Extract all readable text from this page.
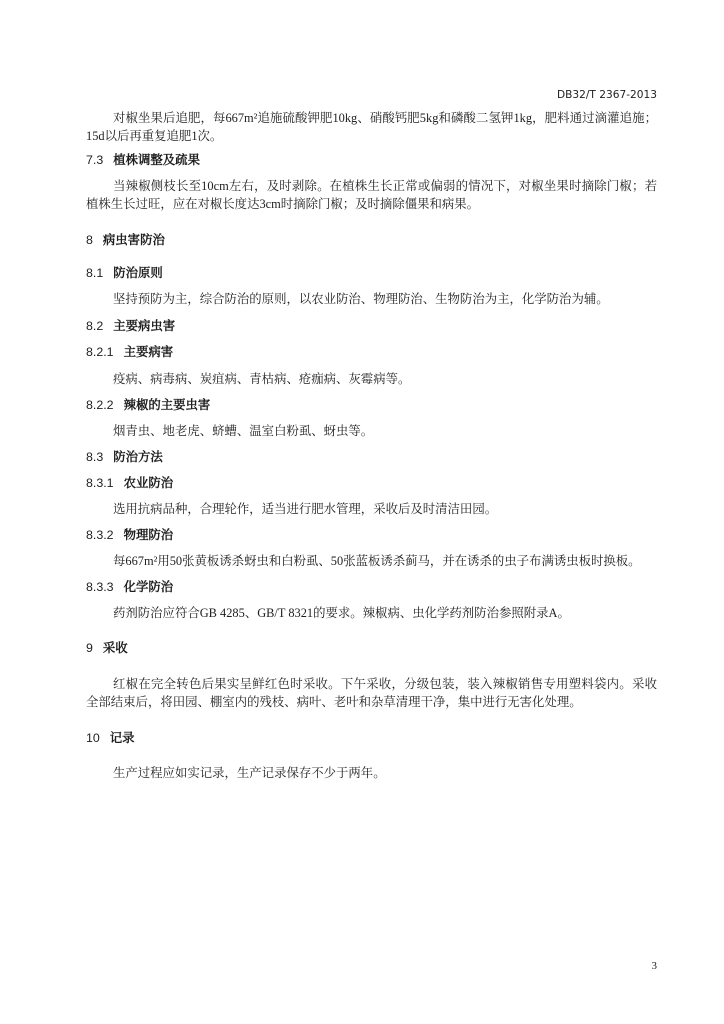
DB32/T 2367-2013
对椒坐果后追肥，每667m²追施硫酸钾肥10kg、硝酸钙肥5kg和磷酸二氢钾1kg，肥料通过滴灌追施；
15d以后再重复追肥1次。
7.3 植株调整及疏果
当辣椒侧枝长至10cm左右，及时剥除。在植株生长正常或偏弱的情况下，对椒坐果时摘除门椒；若
植株生长过旺，应在对椒长度达3cm时摘除门椒；及时摘除僵果和病果。
8 病虫害防治
8.1 防治原则
坚持预防为主，综合防治的原则，以农业防治、物理防治、生物防治为主，化学防治为辅。
8.2 主要病虫害
8.2.1 主要病害
疫病、病毒病、炭疽病、青枯病、疮痂病、灰霉病等。
8.2.2 辣椒的主要虫害
烟青虫、地老虎、蛴螬、温室白粉虱、蚜虫等。
8.3 防治方法
8.3.1 农业防治
选用抗病品种，合理轮作，适当进行肥水管理，采收后及时清洁田园。
8.3.2 物理防治
每667m²用50张黄板诱杀蚜虫和白粉虱、50张蓝板诱杀蓟马，并在诱杀的虫子布满诱虫板时换板。
8.3.3 化学防治
药剂防治应符合GB 4285、GB/T 8321的要求。辣椒病、虫化学药剂防治参照附录A。
9 采收
红椒在完全转色后果实呈鲜红色时采收。下午采收，分级包装，装入辣椒销售专用塑料袋内。采收
全部结束后，将田园、棚室内的残枝、病叶、老叶和杂草清理干净，集中进行无害化处理。
10 记录
生产过程应如实记录，生产记录保存不少于两年。
3
